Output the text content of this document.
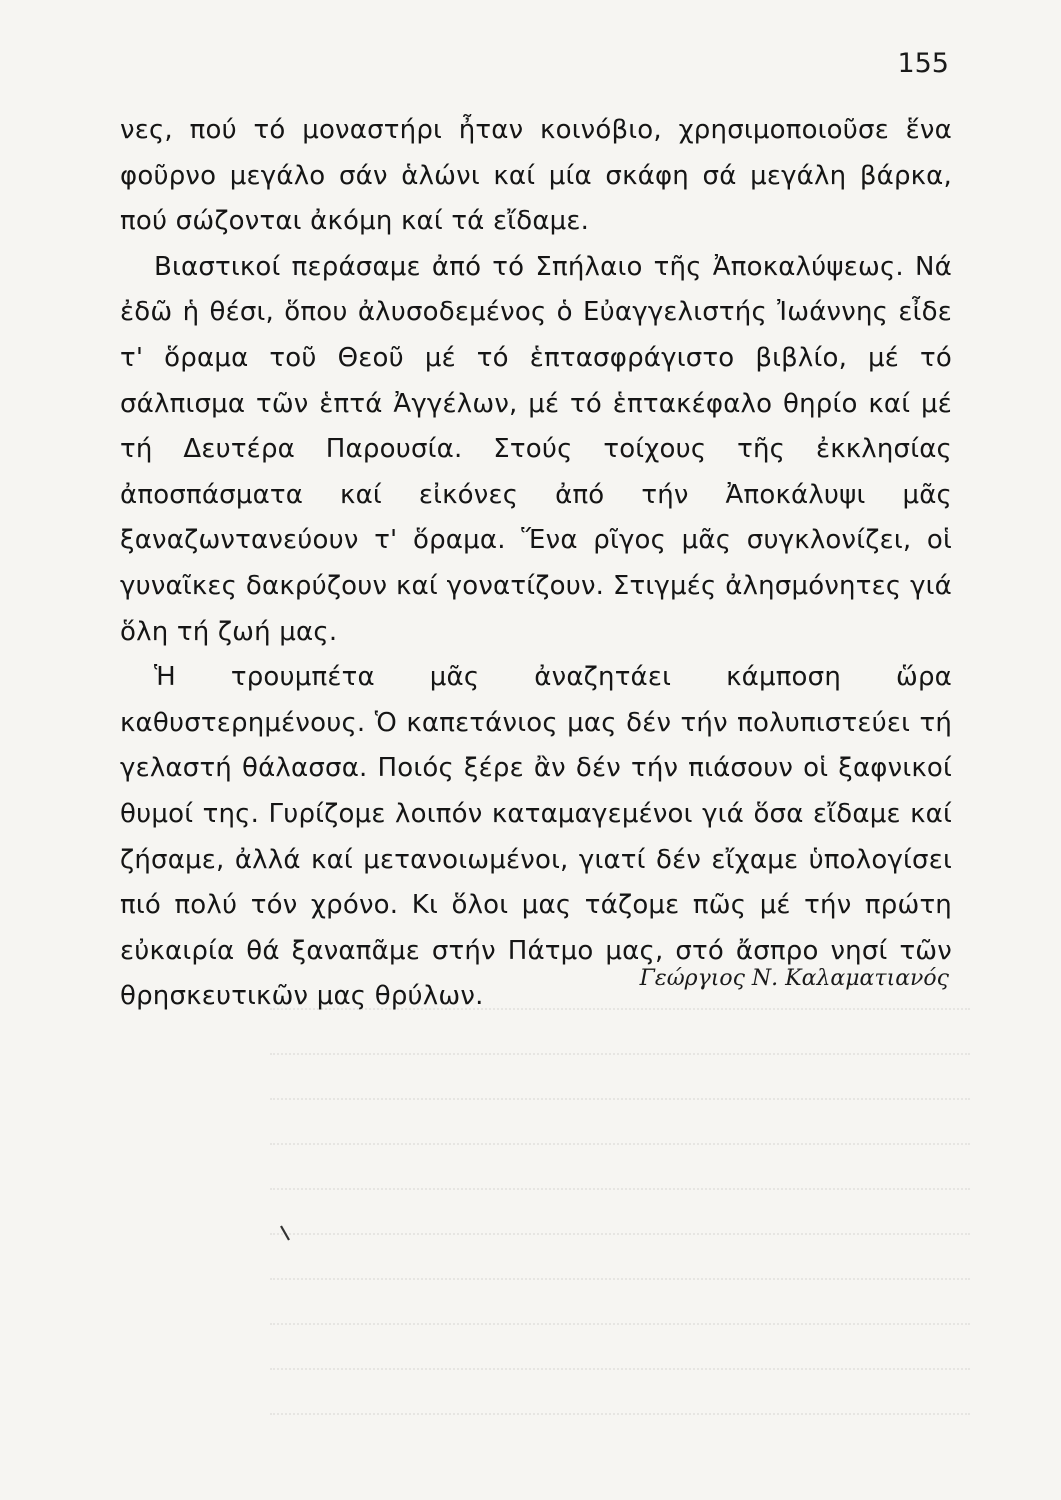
155

νες, πού τό μοναστήρι ἦταν κοινόβιο, χρησιμοποιοῦσε ἕνα φοῦρνο μεγάλο σάν ἁλώνι καί μία σκάφη σά μεγάλη βάρκα, πού σώζονται ἀκόμη καί τά εἴδαμε.

Βιαστικοί περάσαμε ἀπό τό Σπήλαιο τῆς Ἀποκαλύψεως. Νά ἐδῶ ἡ θέσι, ὅπου ἀλυσοδεμένος ὁ Εὐαγγελιστής Ἰωάννης εἶδε τ' ὅραμα τοῦ Θεοῦ μέ τό ἑπτασφράγιστο βιβλίο, μέ τό σάλπισμα τῶν ἑπτά Ἀγγέλων, μέ τό ἑπτακέφαλο θηρίο καί μέ τή Δευτέρα Παρουσία. Στούς τοίχους τῆς ἐκκλησίας ἀποσπάσματα καί εἰκόνες ἀπό τήν Ἀποκάλυψι μᾶς ξαναζωντανεύουν τ' ὅραμα. Ἕνα ρῖγος μᾶς συγκλονίζει, οἱ γυναῖκες δακρύζουν καί γονατίζουν. Στιγμές ἀλησμόνητες γιά ὅλη τή ζωή μας.

Ἡ τρουμπέτα μᾶς ἀναζητάει κάμποση ὥρα καθυστερημένους. Ὁ καπετάνιος μας δέν τήν πολυπιστεύει τή γελαστή θάλασσα. Ποιός ξέρε ἂν δέν τήν πιάσουν οἱ ξαφνικοί θυμοί της. Γυρίζομε λοιπόν καταμαγεμένοι γιά ὅσα εἴδαμε καί ζήσαμε, ἀλλά καί μετανοιωμένοι, γιατί δέν εἴχαμε ὑπολογίσει πιό πολύ τόν χρόνο. Κι ὅλοι μας τάζομε πῶς μέ τήν πρώτη εὐκαιρία θά ξαναπᾶμε στήν Πάτμο μας, στό ἄσπρο νησί τῶν θρησκευτικῶν μας θρύλων.

Γεώργιος Ν. Καλαματιανός
